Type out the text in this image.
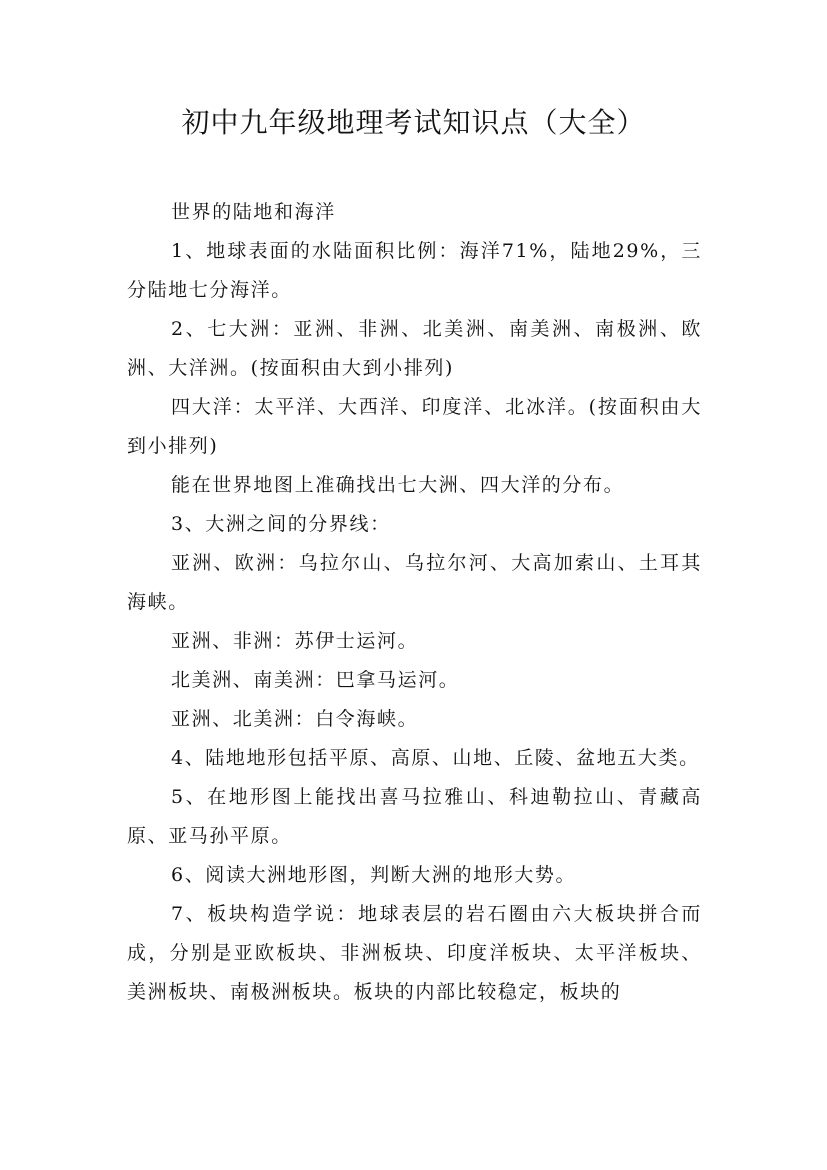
初中九年级地理考试知识点（大全）

世界的陆地和海洋

1、地球表面的水陆面积比例：海洋71%，陆地29%，三分陆地七分海洋。

2、七大洲：亚洲、非洲、北美洲、南美洲、南极洲、欧洲、大洋洲。(按面积由大到小排列)

四大洋：太平洋、大西洋、印度洋、北冰洋。(按面积由大到小排列)

能在世界地图上准确找出七大洲、四大洋的分布。

3、大洲之间的分界线：

亚洲、欧洲：乌拉尔山、乌拉尔河、大高加索山、土耳其海峡。

亚洲、非洲：苏伊士运河。

北美洲、南美洲：巴拿马运河。

亚洲、北美洲：白令海峡。

4、陆地地形包括平原、高原、山地、丘陵、盆地五大类。

5、在地形图上能找出喜马拉雅山、科迪勒拉山、青藏高原、亚马孙平原。

6、阅读大洲地形图，判断大洲的地形大势。

7、板块构造学说：地球表层的岩石圈由六大板块拼合而成，分别是亚欧板块、非洲板块、印度洋板块、太平洋板块、美洲板块、南极洲板块。板块的内部比较稳定，板块的
